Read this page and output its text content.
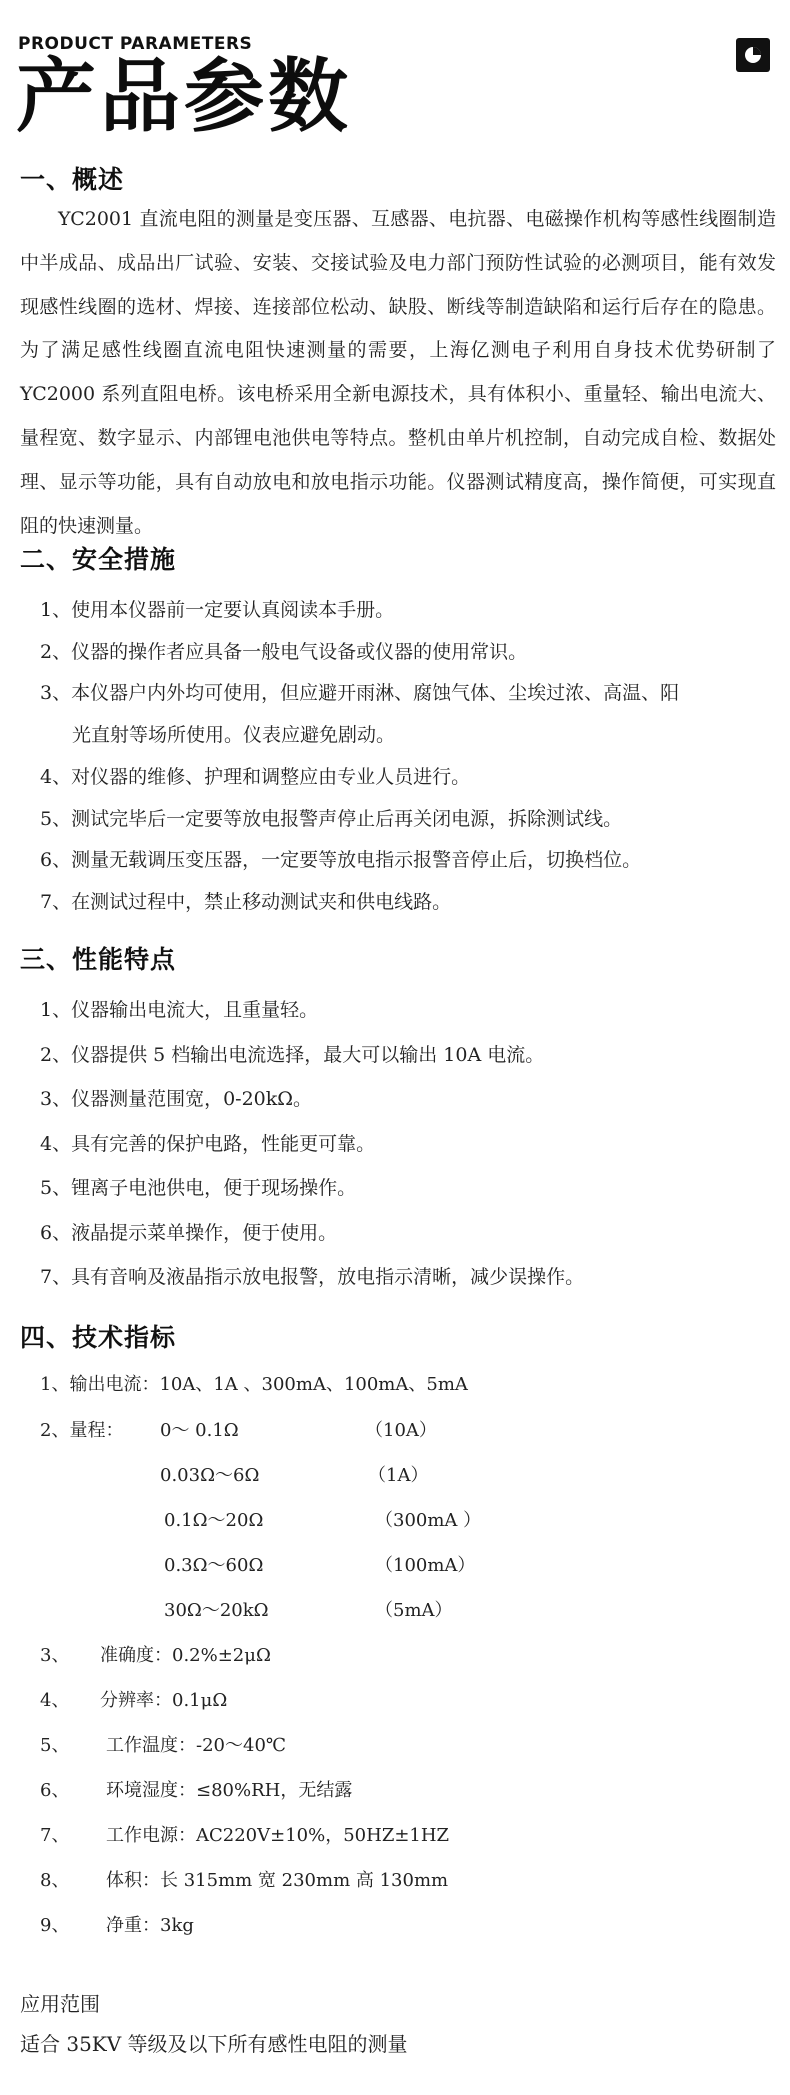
PRODUCT PARAMETERS
产品参数
一、概述
YC2001 直流电阻的测量是变压器、互感器、电抗器、电磁操作机构等感性线圈制造中半成品、成品出厂试验、安装、交接试验及电力部门预防性试验的必测项目，能有效发现感性线圈的选材、焊接、连接部位松动、缺股、断线等制造缺陷和运行后存在的隐患。为了满足感性线圈直流电阻快速测量的需要，上海亿测电子利用自身技术优势研制了 YC2000 系列直阻电桥。该电桥采用全新电源技术，具有体积小、重量轻、输出电流大、量程宽、数字显示、内部锂电池供电等特点。整机由单片机控制，自动完成自检、数据处理、显示等功能，具有自动放电和放电指示功能。仪器测试精度高，操作简便，可实现直阻的快速测量。
二、安全措施
1、使用本仪器前一定要认真阅读本手册。
2、仪器的操作者应具备一般电气设备或仪器的使用常识。
3、本仪器户内外均可使用，但应避开雨淋、腐蚀气体、尘埃过浓、高温、阳
光直射等场所使用。仪表应避免剧动。
4、对仪器的维修、护理和调整应由专业人员进行。
5、测试完毕后一定要等放电报警声停止后再关闭电源，拆除测试线。
6、测量无载调压变压器，一定要等放电指示报警音停止后，切换档位。
7、在测试过程中，禁止移动测试夹和供电线路。
三、性能特点
1、仪器输出电流大，且重量轻。
2、仪器提供 5 档输出电流选择，最大可以输出 10A 电流。
3、仪器测量范围宽，0-20kΩ。
4、具有完善的保护电路，性能更可靠。
5、锂离子电池供电，便于现场操作。
6、液晶提示菜单操作，便于使用。
7、具有音响及液晶指示放电报警，放电指示清晰，减少误操作。
四、技术指标
1、输出电流：10A、1A 、300mA、100mA、5mA
2、量程： 0～ 0.1Ω	（10A）
0.03Ω～6Ω	（1A）
0.1Ω～20Ω	（300mA ）
0.3Ω～60Ω	（100mA）
30Ω～20kΩ	（5mA）
3、 准确度：0.2%±2μΩ
4、 分辨率：0.1μΩ
5、 工作温度：-20～40℃
6、 环境湿度：≤80%RH，无结露
7、 工作电源：AC220V±10%，50HZ±1HZ
8、 体积：长 315mm 宽 230mm 高 130mm
9、 净重：3kg
应用范围
适合 35KV 等级及以下所有感性电阻的测量
